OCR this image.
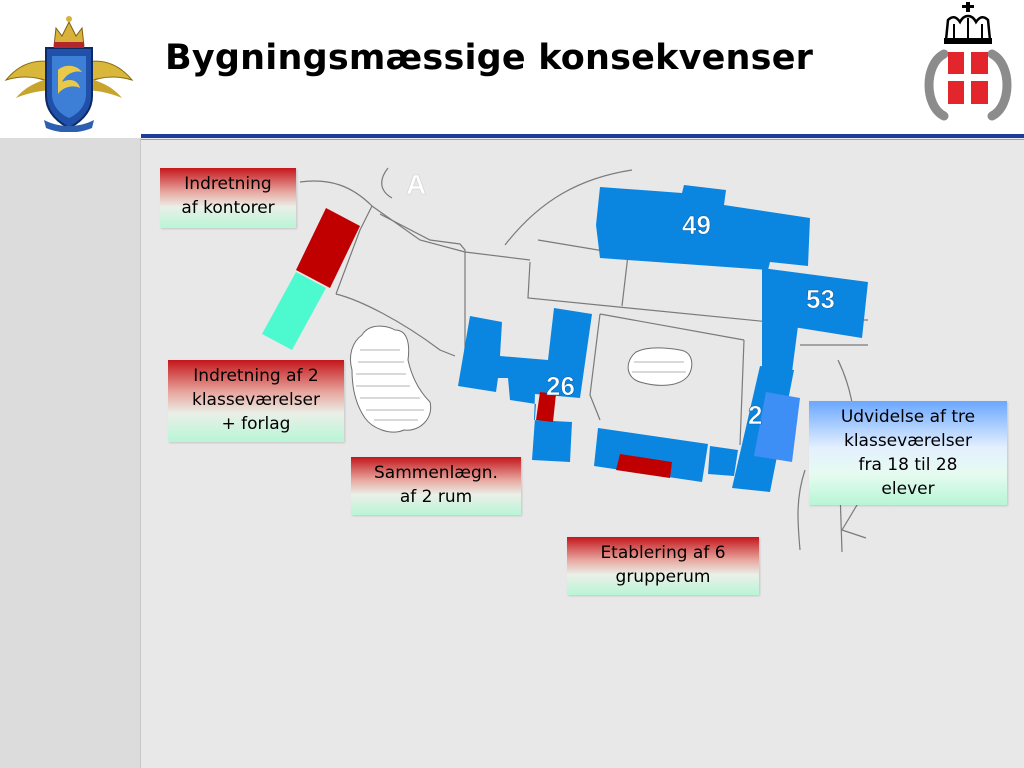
Bygningsmæssige konsekvenser
A
49
53
26
2
Indretning
af kontorer
Indretning af 2
klasseværelser
+ forlag
Sammenlægn.
af 2 rum
Etablering af 6
grupperum
Udvidelse af tre
klasseværelser
fra 18 til 28
elever
